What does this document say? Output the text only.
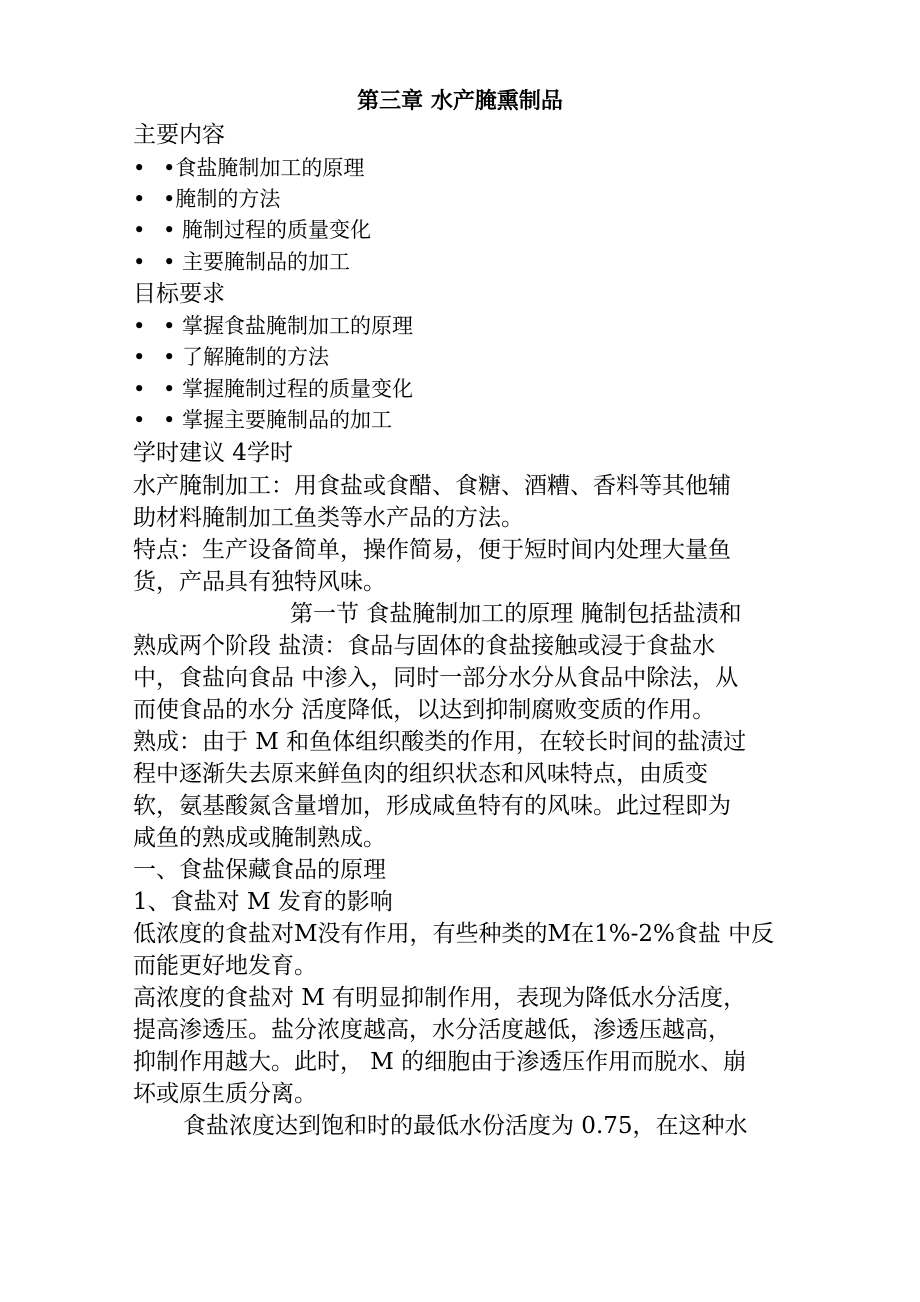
第三章 水产腌熏制品
主要内容
• •食盐腌制加工的原理
• •腌制的方法
• • 腌制过程的质量变化
• • 主要腌制品的加工
目标要求
• • 掌握食盐腌制加工的原理
• • 了解腌制的方法
• • 掌握腌制过程的质量变化
• • 掌握主要腌制品的加工
学时建议 4学时
水产腌制加工：用食盐或食醋、食糖、酒糟、香料等其他辅
助材料腌制加工鱼类等水产品的方法。
特点：生产设备简单，操作简易，便于短时间内处理大量鱼
货，产品具有独特风味。
第一节 食盐腌制加工的原理 腌制包括盐渍和
熟成两个阶段 盐渍：食品与固体的食盐接触或浸于食盐水
中，食盐向食品 中渗入，同时一部分水分从食品中除法，从
而使食品的水分 活度降低，以达到抑制腐败变质的作用。
熟成：由于 M 和鱼体组织酸类的作用，在较长时间的盐渍过
程中逐渐失去原来鲜鱼肉的组织状态和风味特点，由质变
软，氨基酸氮含量增加，形成咸鱼特有的风味。此过程即为
咸鱼的熟成或腌制熟成。
一、食盐保藏食品的原理
1、食盐对 M 发育的影响
低浓度的食盐对M没有作用，有些种类的M在1%-2%食盐 中反
而能更好地发育。
高浓度的食盐对 M 有明显抑制作用，表现为降低水分活度，
提高渗透压。盐分浓度越高，水分活度越低，渗透压越高，
抑制作用越大。此时， M 的细胞由于渗透压作用而脱水、崩
坏或原生质分离。
食盐浓度达到饱和时的最低水份活度为 0.75，在这种水
